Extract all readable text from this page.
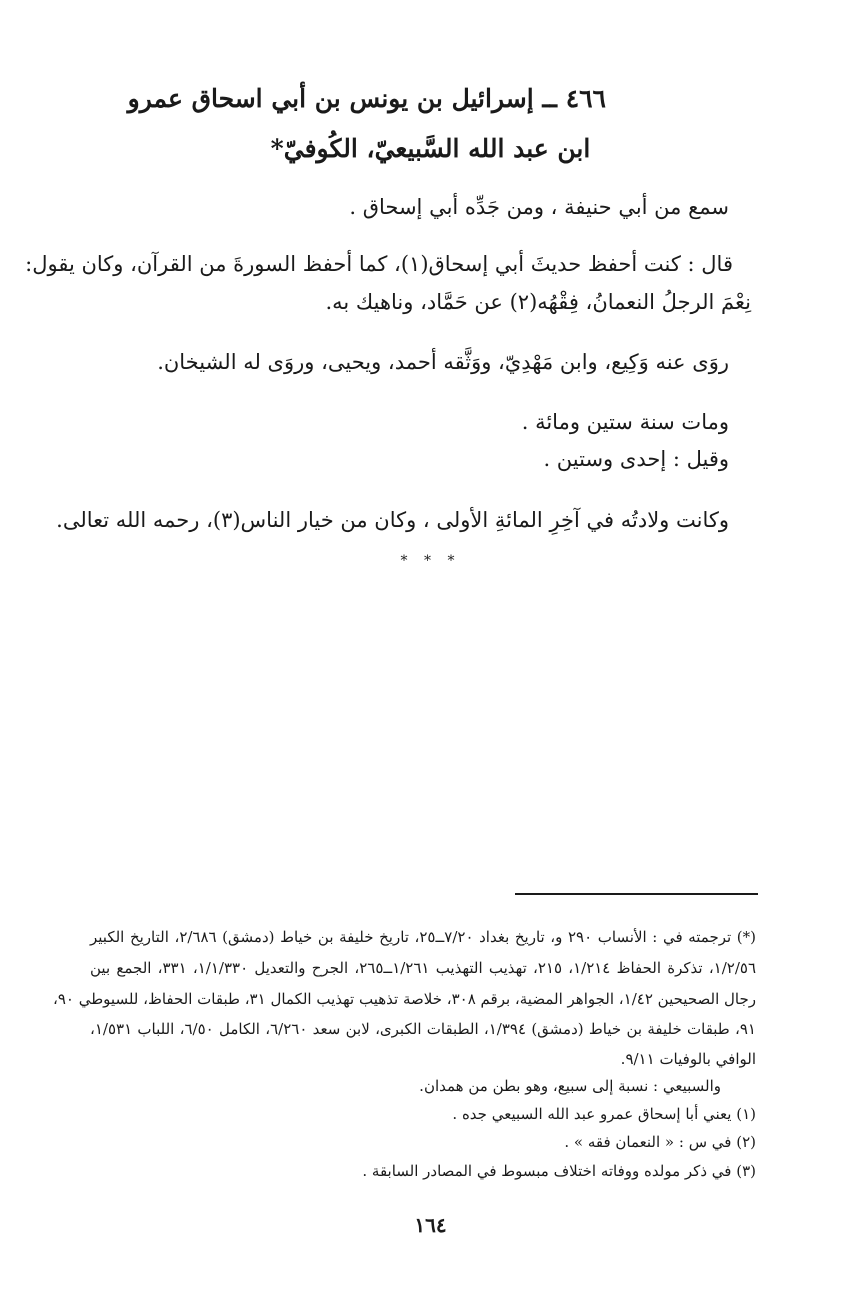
٤٦٦ ــ إسرائيل بن يونس بن أبي اسحاق عمرو
ابن عبد الله السَّبيعيّ، الكُوفيّ*
سمع من أبي حنيفة ، ومن جَدِّه أبي إسحاق .
قال : كنت أحفظ حديثَ أبي إسحاق(١)، كما أحفظ السورةَ من القرآن، وكان يقول:
نِعْمَ الرجلُ النعمانُ، فِقْهُه(٢) عن حَمَّاد، وناهيك به.
روَى عنه وَكِيع، وابن مَهْدِيّ، ووَثَّقه أحمد، ويحيى، وروَى له الشيخان.
ومات سنة ستين ومائة .
وقيل : إحدى وستين .
وكانت ولادتُه في آخِرِ المائةِ الأولى ، وكان من خيار الناس(٣)، رحمه الله تعالى.
* * *
(*) ترجمته في : الأنساب ٢٩٠ و، تاريخ بغداد ٧/٢٠ــ٢٥، تاريخ خليفة بن خياط (دمشق) ٢/٦٨٦، التاريخ الكبير
١/٢/٥٦، تذكرة الحفاظ ١/٢١٤، ٢١٥، تهذيب التهذيب ١/٢٦١ــ٢٦٥، الجرح والتعديل ١/١/٣٣٠، ٣٣١، الجمع بين
رجال الصحيحين ١/٤٢، الجواهر المضية، برقم ٣٠٨، خلاصة تذهيب تهذيب الكمال ٣١، طبقات الحفاظ، للسيوطي ٩٠،
٩١، طبقات خليفة بن خياط (دمشق) ١/٣٩٤، الطبقات الكبرى، لابن سعد ٦/٢٦٠، الكامل ٦/٥٠، اللباب ١/٥٣١،
الوافي بالوفيات ٩/١١.
والسبيعي : نسبة إلى سبيع، وهو بطن من همدان.
(١) يعني أبا إسحاق عمرو عبد الله السبيعي جده .
(٢) في س : « النعمان فقه » .
(٣) في ذكر مولده ووفاته اختلاف مبسوط في المصادر السابقة .
١٦٤
